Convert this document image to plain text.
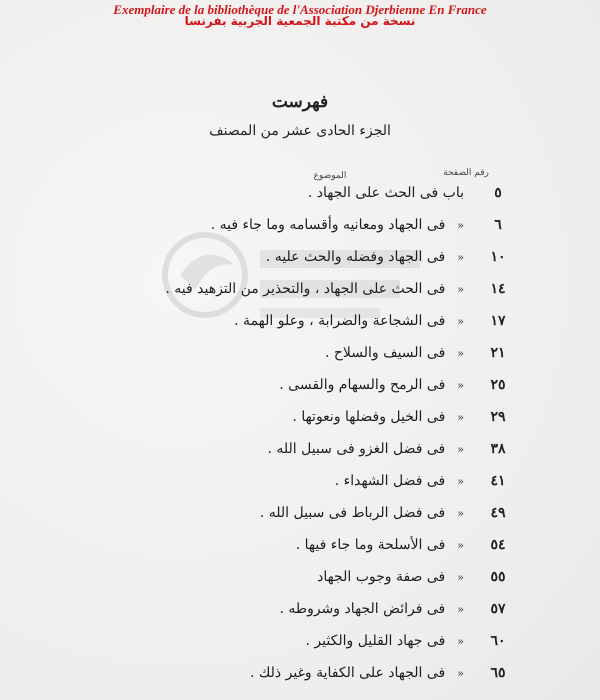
Exemplaire de la bibliothèque de l'Association Djerbienne En France
نسخة من مكتبة الجمعية الجربية بفرنسا
فهرست
الجزء الحادى عشر من المصنف
رقم الصفحة
الموضوع
٥
باب فى الحث على الجهاد .
٦
«فى الجهاد ومعانيه وأقسامه وما جاء فيه .
١٠
«فى الجهاد وفضله والحث عليه .
١٤
«فى الحث على الجهاد ، والتحذير من التزهيد فيه .
١٧
«فى الشجاعة والضرابة ، وعلو الهمة .
٢١
«فى السيف والسلاح .
٢٥
«فى الرمح والسهام والقسى .
٢٩
«فى الخيل وفضلها ونعوتها .
٣٨
«فى فضل الغزو فى سبيل الله .
٤١
«فى فضل الشهداء .
٤٩
«فى فضل الرباط فى سبيل الله .
٥٤
«فى الأسلحة وما جاء فيها .
٥٥
«فى صفة وجوب الجهاد
٥٧
«فى فرائض الجهاد وشروطه .
٦٠
«فى جهاد القليل والكثير .
٦٥
«فى الجهاد على الكفاية وغير ذلك .
